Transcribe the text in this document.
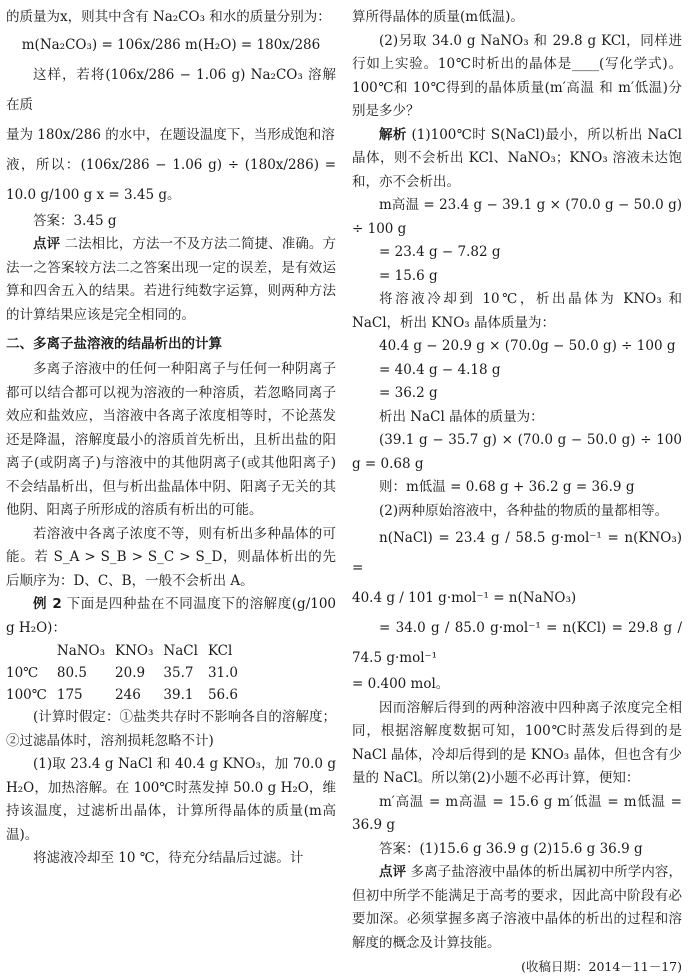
的质量为x，则其中含有 Na₂CO₃ 和水的质量分别为：

m(Na₂CO₃) = 106x/286 m(H₂O) = 180x/286

这样，若将(106x/286 − 1.06 g) Na₂CO₃ 溶解在质

量为 180x/286 的水中，在题设温度下，当形成饱和溶

液，所以：(106x/286 − 1.06 g) ÷ (180x/286) = 10.0 g/100 g x = 3.45 g。

答案：3.45 g

点评 二法相比，方法一不及方法二简捷、准确。方法一之答案较方法二之答案出现一定的误差，是有效运算和四舍五入的结果。若进行纯数字运算，则两种方法的计算结果应该是完全相同的。

二、多离子盐溶液的结晶析出的计算

多离子溶液中的任何一种阳离子与任何一种阴离子都可以结合都可以视为溶液的一种溶质，若忽略同离子效应和盐效应，当溶液中各离子浓度相等时，不论蒸发还是降温，溶解度最小的溶质首先析出，且析出盐的阳离子(或阴离子)与溶液中的其他阴离子(或其他阳离子)不会结晶析出，但与析出盐晶体中阴、阳离子无关的其他阴、阳离子所形成的溶质有析出的可能。

若溶液中各离子浓度不等，则有析出多种晶体的可能。若 S_A > S_B > S_C > S_D，则晶体析出的先后顺序为：D、C、B，一般不会析出 A。

例 2 下面是四种盐在不同温度下的溶解度(g/100 g H₂O)：

	NaNO₃	KNO₃	NaCl	KCl
10℃	80.5	20.9	35.7	31.0
100℃	175	246	39.1	56.6

(计算时假定：①盐类共存时不影响各自的溶解度；②过滤晶体时，溶剂损耗忽略不计)

(1)取 23.4 g NaCl 和 40.4 g KNO₃，加 70.0 g H₂O，加热溶解。在 100℃时蒸发掉 50.0 g H₂O，维持该温度，过滤析出晶体，计算所得晶体的质量(m高温)。

将滤液冷却至 10 ℃，待充分结晶后过滤。计

算所得晶体的质量(m低温)。

(2)另取 34.0 g NaNO₃ 和 29.8 g KCl，同样进行如上实验。10℃时析出的晶体是____(写化学式)。100℃和 10℃得到的晶体质量(m′高温 和 m′低温)分别是多少？

解析 (1)100℃时 S(NaCl)最小，所以析出 NaCl 晶体，则不会析出 KCl、NaNO₃；KNO₃ 溶液未达饱和，亦不会析出。

m高温 = 23.4 g − 39.1 g × (70.0 g − 50.0 g) ÷ 100 g

= 23.4 g − 7.82 g

= 15.6 g

将溶液冷却到 10℃，析出晶体为 KNO₃ 和 NaCl，析出 KNO₃ 晶体质量为：

40.4 g − 20.9 g × (70.0g − 50.0 g) ÷ 100 g

= 40.4 g − 4.18 g

= 36.2 g

析出 NaCl 晶体的质量为：

(39.1 g − 35.7 g) × (70.0 g − 50.0 g) ÷ 100 g = 0.68 g

则：m低温 = 0.68 g + 36.2 g = 36.9 g

(2)两种原始溶液中，各种盐的物质的量都相等。

n(NaCl) = 23.4 g / 58.5 g·mol⁻¹ = n(KNO₃) =

40.4 g / 101 g·mol⁻¹ = n(NaNO₃)

= 34.0 g / 85.0 g·mol⁻¹ = n(KCl) = 29.8 g / 74.5 g·mol⁻¹

= 0.400 mol。

因而溶解后得到的两种溶液中四种离子浓度完全相同，根据溶解度数据可知，100℃时蒸发后得到的是 NaCl 晶体，冷却后得到的是 KNO₃ 晶体，但也含有少量的 NaCl。所以第(2)小题不必再计算，便知：

m′高温 = m高温 = 15.6 g m′低温 = m低温 = 36.9 g

答案：(1)15.6 g 36.9 g (2)15.6 g 36.9 g

点评 多离子盐溶液中晶体的析出属初中所学内容，但初中所学不能满足于高考的要求，因此高中阶段有必要加深。必须掌握多离子溶液中晶体的析出的过程和溶解度的概念及计算技能。

(收稿日期：2014－11－17)
